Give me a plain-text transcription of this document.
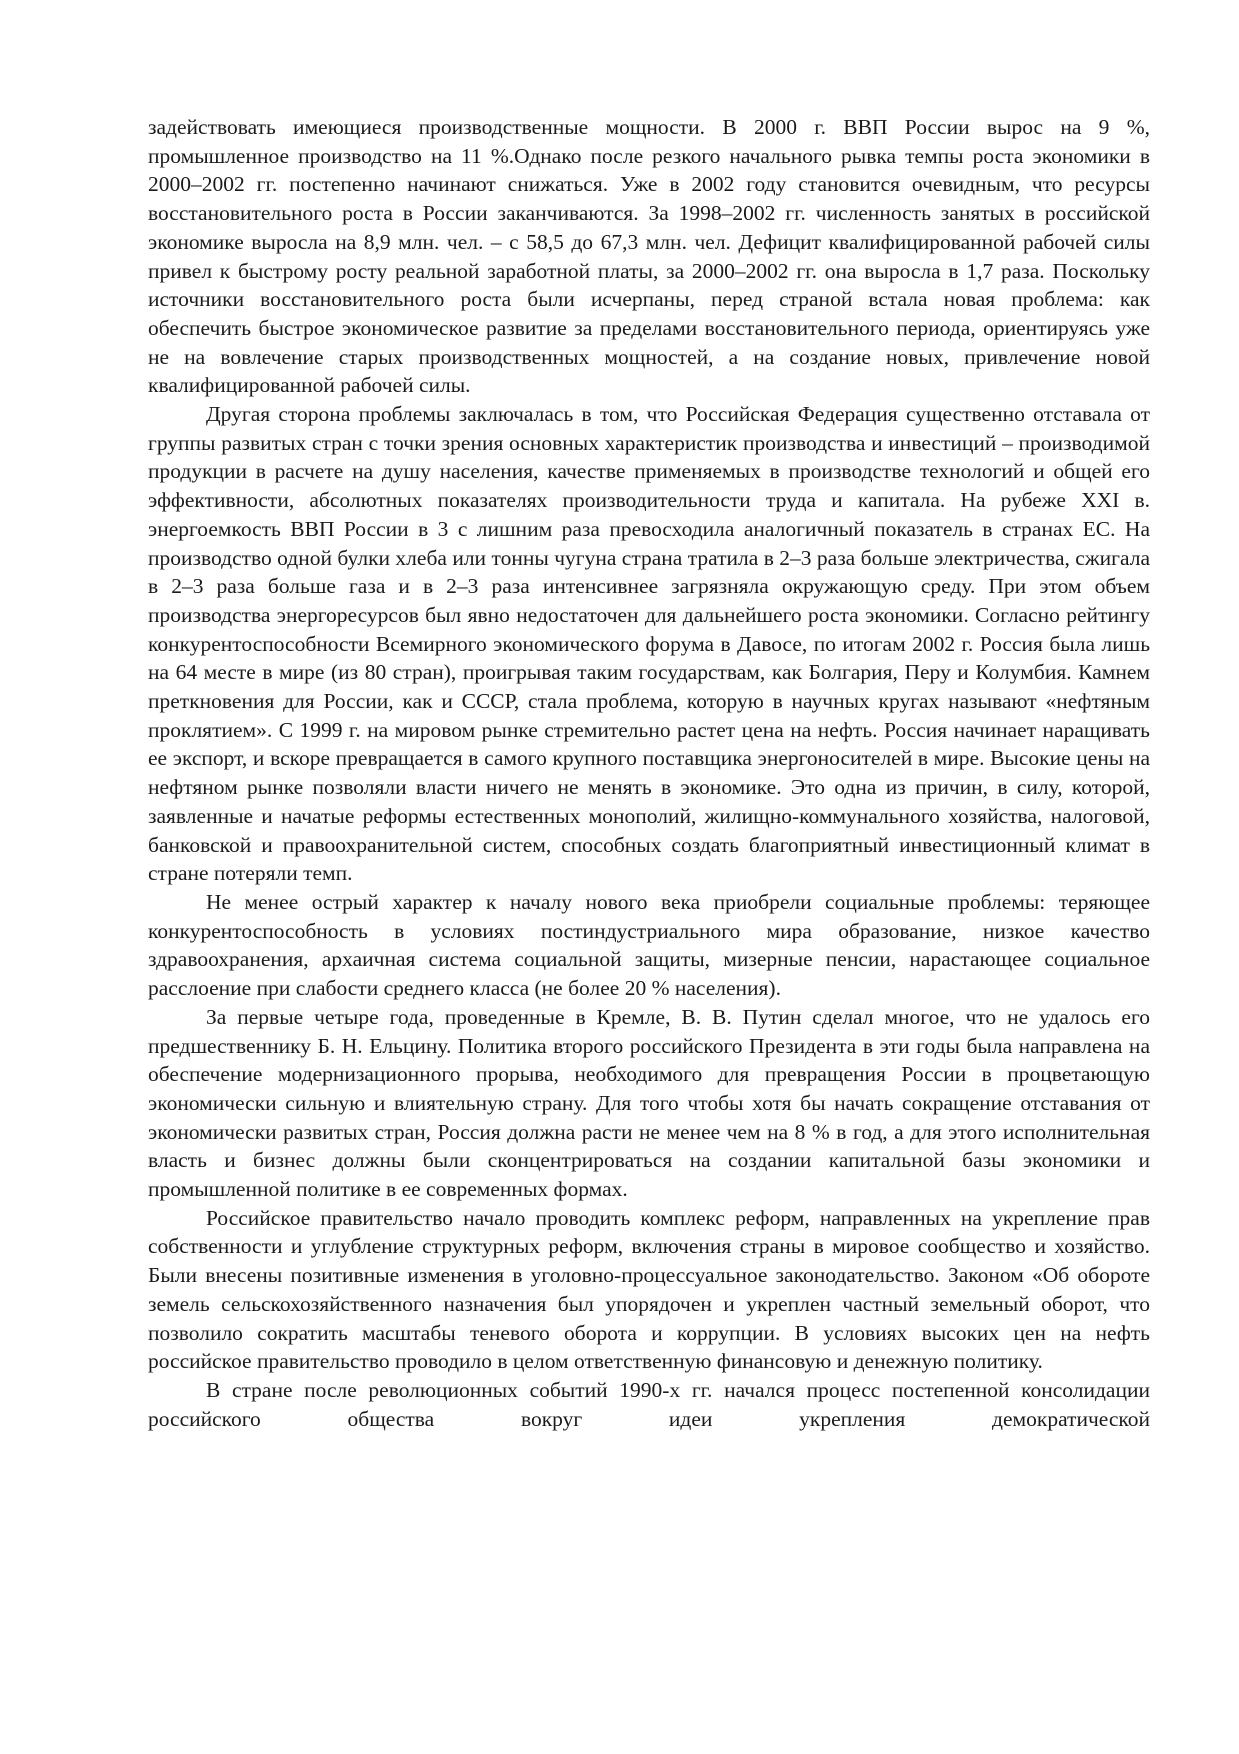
задействовать имеющиеся производственные мощности. В 2000 г. ВВП России вырос на 9 %, промышленное производство на 11 %.Однако после резкого начального рывка темпы роста экономики в 2000–2002 гг. постепенно начинают снижаться. Уже в 2002 году становится очевидным, что ресурсы восстановительного роста в России заканчиваются. За 1998–2002 гг. численность занятых в российской экономике выросла на 8,9 млн. чел. – с 58,5 до 67,3 млн. чел. Дефицит квалифицированной рабочей силы привел к быстрому росту реальной заработной платы, за 2000–2002 гг. она выросла в 1,7 раза. Поскольку источники восстановительного роста были исчерпаны, перед страной встала новая проблема: как обеспечить быстрое экономическое развитие за пределами восстановительного периода, ориентируясь уже не на вовлечение старых производственных мощностей, а на создание новых, привлечение новой квалифицированной рабочей силы.

Другая сторона проблемы заключалась в том, что Российская Федерация существенно отставала от группы развитых стран с точки зрения основных характеристик производства и инвестиций – производимой продукции в расчете на душу населения, качестве применяемых в производстве технологий и общей его эффективности, абсолютных показателях производительности труда и капитала. На рубеже XXI в. энергоемкость ВВП России в 3 с лишним раза превосходила аналогичный показатель в странах ЕС. На производство одной булки хлеба или тонны чугуна страна тратила в 2–3 раза больше электричества, сжигала в 2–3 раза больше газа и в 2–3 раза интенсивнее загрязняла окружающую среду. При этом объем производства энергоресурсов был явно недостаточен для дальнейшего роста экономики. Согласно рейтингу конкурентоспособности Всемирного экономического форума в Давосе, по итогам 2002 г. Россия была лишь на 64 месте в мире (из 80 стран), проигрывая таким государствам, как Болгария, Перу и Колумбия. Камнем преткновения для России, как и СССР, стала проблема, которую в научных кругах называют «нефтяным проклятием». С 1999 г. на мировом рынке стремительно растет цена на нефть. Россия начинает наращивать ее экспорт, и вскоре превращается в самого крупного поставщика энергоносителей в мире. Высокие цены на нефтяном рынке позволяли власти ничего не менять в экономике. Это одна из причин, в силу, которой, заявленные и начатые реформы естественных монополий, жилищно-коммунального хозяйства, налоговой, банковской и правоохранительной систем, способных создать благоприятный инвестиционный климат в стране потеряли темп.

Не менее острый характер к началу нового века приобрели социальные проблемы: теряющее конкурентоспособность в условиях постиндустриального мира образование, низкое качество здравоохранения, архаичная система социальной защиты, мизерные пенсии, нарастающее социальное расслоение при слабости среднего класса (не более 20 % населения).

За первые четыре года, проведенные в Кремле, В. В. Путин сделал многое, что не удалось его предшественнику Б. Н. Ельцину. Политика второго российского Президента в эти годы была направлена на обеспечение модернизационного прорыва, необходимого для превращения России в процветающую экономически сильную и влиятельную страну. Для того чтобы хотя бы начать сокращение отставания от экономически развитых стран, Россия должна расти не менее чем на 8 % в год, а для этого исполнительная власть и бизнес должны были сконцентрироваться на создании капитальной базы экономики и промышленной политике в ее современных формах.

Российское правительство начало проводить комплекс реформ, направленных на укрепление прав собственности и углубление структурных реформ, включения страны в мировое сообщество и хозяйство. Были внесены позитивные изменения в уголовно-процессуальное законодательство. Законом «Об обороте земель сельскохозяйственного назначения был упорядочен и укреплен частный земельный оборот, что позволило сократить масштабы теневого оборота и коррупции. В условиях высоких цен на нефть российское правительство проводило в целом ответственную финансовую и денежную политику.

В стране после революционных событий 1990-х гг. начался процесс постепенной консолидации российского общества вокруг идеи укрепления демократической
